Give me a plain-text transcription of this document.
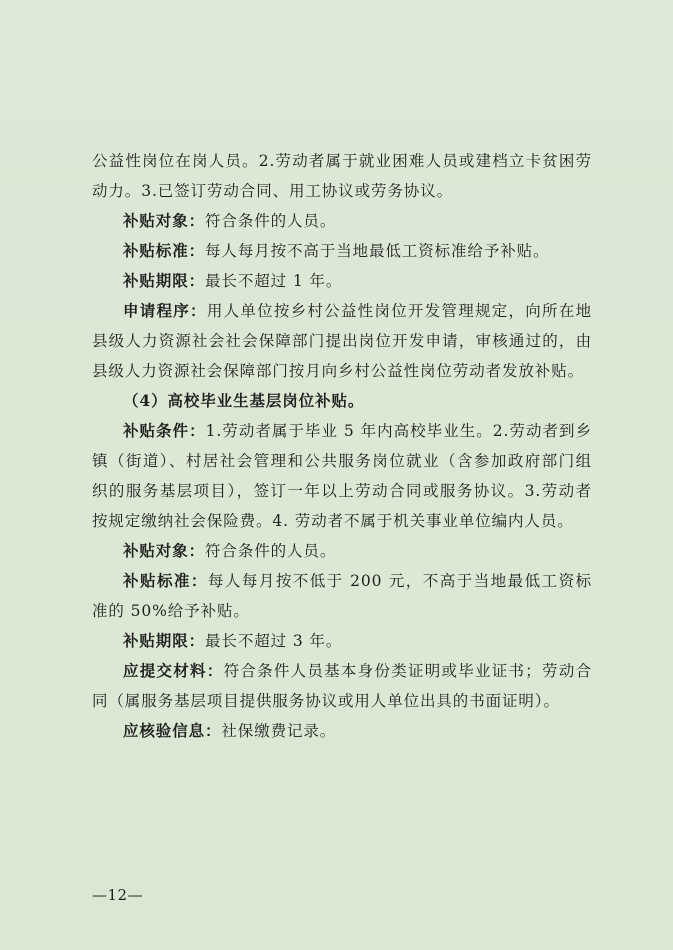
公益性岗位在岗人员。2.劳动者属于就业困难人员或建档立卡贫困劳动力。3.已签订劳动合同、用工协议或劳务协议。

补贴对象：符合条件的人员。

补贴标准：每人每月按不高于当地最低工资标准给予补贴。

补贴期限：最长不超过 1 年。

申请程序：用人单位按乡村公益性岗位开发管理规定，向所在地县级人力资源社会社会保障部门提出岗位开发申请，审核通过的，由县级人力资源社会保障部门按月向乡村公益性岗位劳动者发放补贴。

（4）高校毕业生基层岗位补贴。

补贴条件：1.劳动者属于毕业 5 年内高校毕业生。2.劳动者到乡镇（街道）、村居社会管理和公共服务岗位就业（含参加政府部门组织的服务基层项目），签订一年以上劳动合同或服务协议。3.劳动者按规定缴纳社会保险费。4. 劳动者不属于机关事业单位编内人员。

补贴对象：符合条件的人员。

补贴标准：每人每月按不低于 200 元，不高于当地最低工资标准的 50%给予补贴。

补贴期限：最长不超过 3 年。

应提交材料：符合条件人员基本身份类证明或毕业证书；劳动合同（属服务基层项目提供服务协议或用人单位出具的书面证明）。

应核验信息：社保缴费记录。

—12—
